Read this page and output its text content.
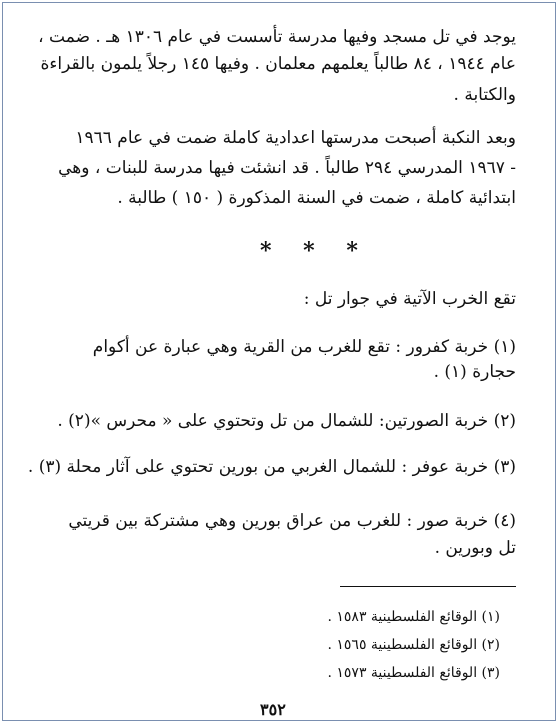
يوجد في تل مسجد وفيها مدرسة تأسست في عام ١٣٠٦ هـ . ضمت ،
عام ١٩٤٤ ، ٨٤ طالباً يعلمهم معلمان . وفيها ١٤٥ رجلاً يلمون بالقراءة
والكتابة .
وبعد النكبة أصبحت مدرستها اعدادية كاملة ضمت في عام ١٩٦٦
- ١٩٦٧ المدرسي ٢٩٤ طالباً . قد انشئت فيها مدرسة للبنات ، وهي
ابتدائية كاملة ، ضمت في السنة المذكورة ( ١٥٠ ) طالبة .
* * *
تقع الخرب الآتية في جوار تل :
(١) خربة كفرور : تقع للغرب من القرية وهي عبارة عن أكوام
حجارة (١) .
(٢) خربة الصورتين: للشمال من تل وتحتوي على « محرس »(٢) .
(٣) خربة عوفر : للشمال الغربي من بورين تحتوي على آثار محلة (٣) .
(٤) خربة صور : للغرب من عراق بورين وهي مشتركة بين قريتي
تل وبورين .
(١) الوقائع الفلسطينية ١٥٨٣ .
(٢) الوقائع الفلسطينية ١٥٦٥ .
(٣) الوقائع الفلسطينية ١٥٧٣ .
٣٥٢
